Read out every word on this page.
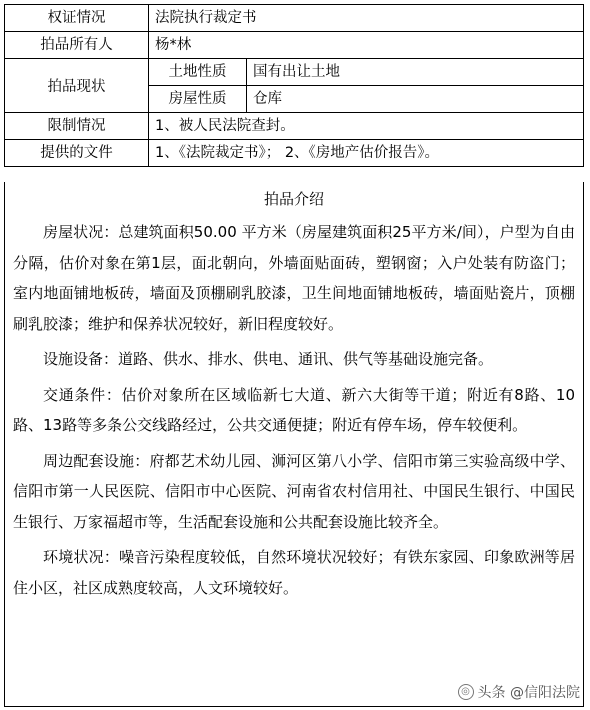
权证情况	法院执行裁定书	
拍品所有人	杨*林	
拍品现状	土地性质	国有出让土地
	房屋性质	仓库
限制情况	1、被人民法院查封。	
提供的文件	1、《法院裁定书》； 2、《房地产估价报告》。	
拍品介绍

房屋状况：总建筑面积50.00 平方米（房屋建筑面积25平方米/间），户型为自由分隔，估价对象在第1层，面北朝向，外墙面贴面砖，塑钢窗；入户处装有防盗门；室内地面铺地板砖，墙面及顶棚刷乳胶漆，卫生间地面铺地板砖，墙面贴瓷片，顶棚刷乳胶漆；维护和保养状况较好，新旧程度较好。

设施设备：道路、供水、排水、供电、通讯、供气等基础设施完备。

交通条件：估价对象所在区域临新七大道、新六大街等干道；附近有8路、10路、13路等多条公交线路经过，公共交通便捷；附近有停车场，停车较便利。

周边配套设施：府都艺术幼儿园、浉河区第八小学、信阳市第三实验高级中学、信阳市第一人民医院、信阳市中心医院、河南省农村信用社、中国民生银行、中国民生银行、万家福超市等，生活配套设施和公共配套设施比较齐全。

环境状况：噪音污染程度较低，自然环境状况较好；有铁东家园、印象欧洲等居住小区，社区成熟度较高，人文环境较好。

◎ 头条 @信阳法院
